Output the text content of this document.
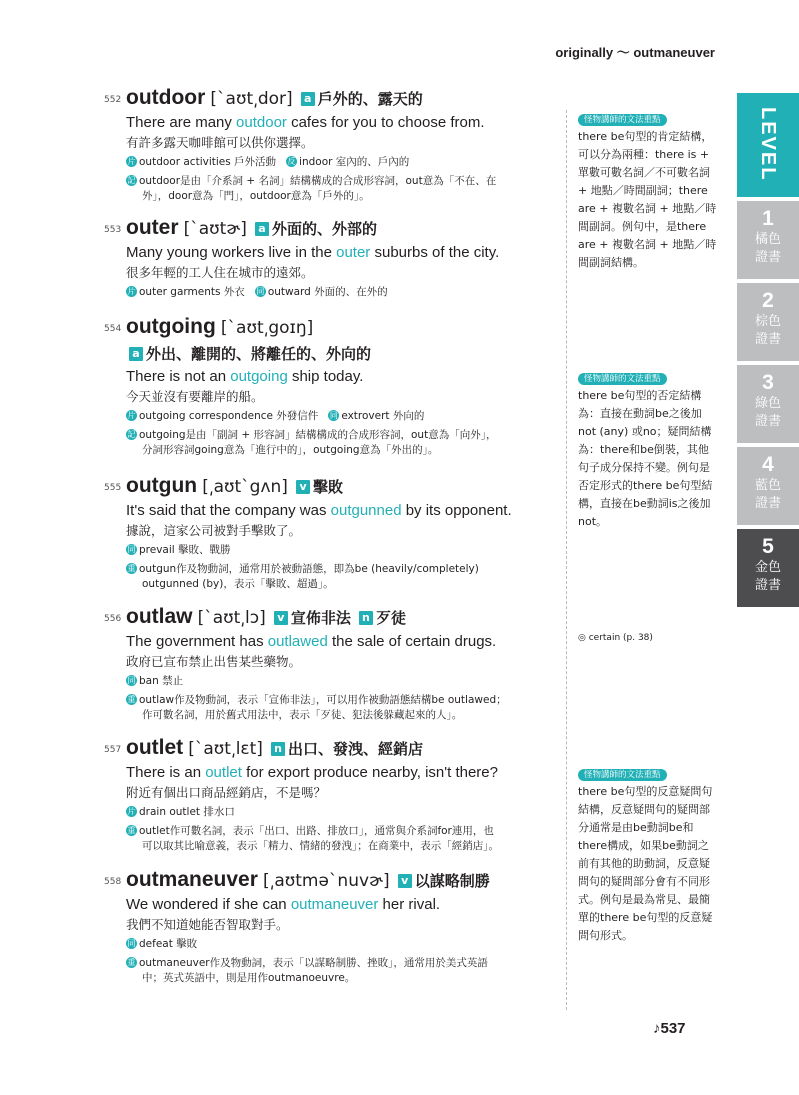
originally ～ outmaneuver
552 outdoor [ˋaʊt͵dor] a 戶外的、露天的
There are many outdoor cafes for you to choose from.
有許多露天咖啡館可以供你選擇。
片 outdoor activities 戶外活動 反 indoor 室內的、戶內的
記 outdoor是由「介系詞 + 名詞」結構構成的合成形容詞，out意為「不在、在
外」，door意為「門」，outdoor意為「戶外的」。
553 outer [ˋaʊtɚ] a 外面的、外部的
Many young workers live in the outer suburbs of the city.
很多年輕的工人住在城市的遠郊。
片 outer garments 外衣 同 outward 外面的、在外的
554 outgoing [ˋaʊt͵goɪŋ]
a 外出、離開的、將離任的、外向的
There is not an outgoing ship today.
今天並沒有要離岸的船。
片 outgoing correspondence 外發信件 同 extrovert 外向的
記 outgoing是由「副詞 + 形容詞」結構構成的合成形容詞，out意為「向外」，
分詞形容詞going意為「進行中的」，outgoing意為「外出的」。
555 outgun [͵aʊtˋgʌn] v 擊敗
It's said that the company was outgunned by its opponent.
據說，這家公司被對手擊敗了。
同 prevail 擊敗、戰勝
重 outgun作及物動詞，通常用於被動語態，即為be (heavily/completely)
outgunned (by)，表示「擊敗、超過」。
556 outlaw [ˋaʊt͵lɔ] v 宣佈非法 n 歹徒
The government has outlawed the sale of certain drugs.
政府已宣布禁止出售某些藥物。
同 ban 禁止
重 outlaw作及物動詞，表示「宣佈非法」，可以用作被動語態結構be outlawed；
作可數名詞，用於舊式用法中，表示「歹徒、犯法後躲藏起來的人」。
557 outlet [ˋaʊt͵lɛt] n 出口、發洩、經銷店
There is an outlet for export produce nearby, isn't there?
附近有個出口商品經銷店，不是嗎？
片 drain outlet 排水口
重 outlet作可數名詞，表示「出口、出路、排放口」，通常與介系詞for連用，也
可以取其比喻意義，表示「精力、情緒的發洩」；在商業中，表示「經銷店」。
558 outmaneuver [͵aʊtməˋnuvɚ] v 以謀略制勝
We wondered if she can outmaneuver her rival.
我們不知道她能否智取對手。
同 defeat 擊敗
重 outmaneuver作及物動詞，表示「以謀略制勝、挫敗」，通常用於美式英語
中；英式英語中，則是用作outmanoeuvre。
怪物講師的文法重點
there be句型的肯定結構，可以分為兩種：there is + 單數可數名詞／不可數名詞 + 地點／時間副詞；there are + 複數名詞 + 地點／時間副詞。例句中，是there are + 複數名詞 + 地點／時間副詞結構。
怪物講師的文法重點
there be句型的否定結構為：直接在動詞be之後加not (any) 或no；疑問結構為：there和be倒裝，其他句子成分保持不變。例句是否定形式的there be句型結構，直接在be動詞is之後加not。
◎ certain (p. 38)
怪物講師的文法重點
there be句型的反意疑問句結構，反意疑問句的疑問部分通常是由be動詞be和there構成，如果be動詞之前有其他的助動詞，反意疑問句的疑問部分會有不同形式。例句是最為常見、最簡單的there be句型的反意疑問句形式。
LEVEL
1
橘色
證書
2
棕色
證書
3
綠色
證書
4
藍色
證書
5
金色
證書
♪537
